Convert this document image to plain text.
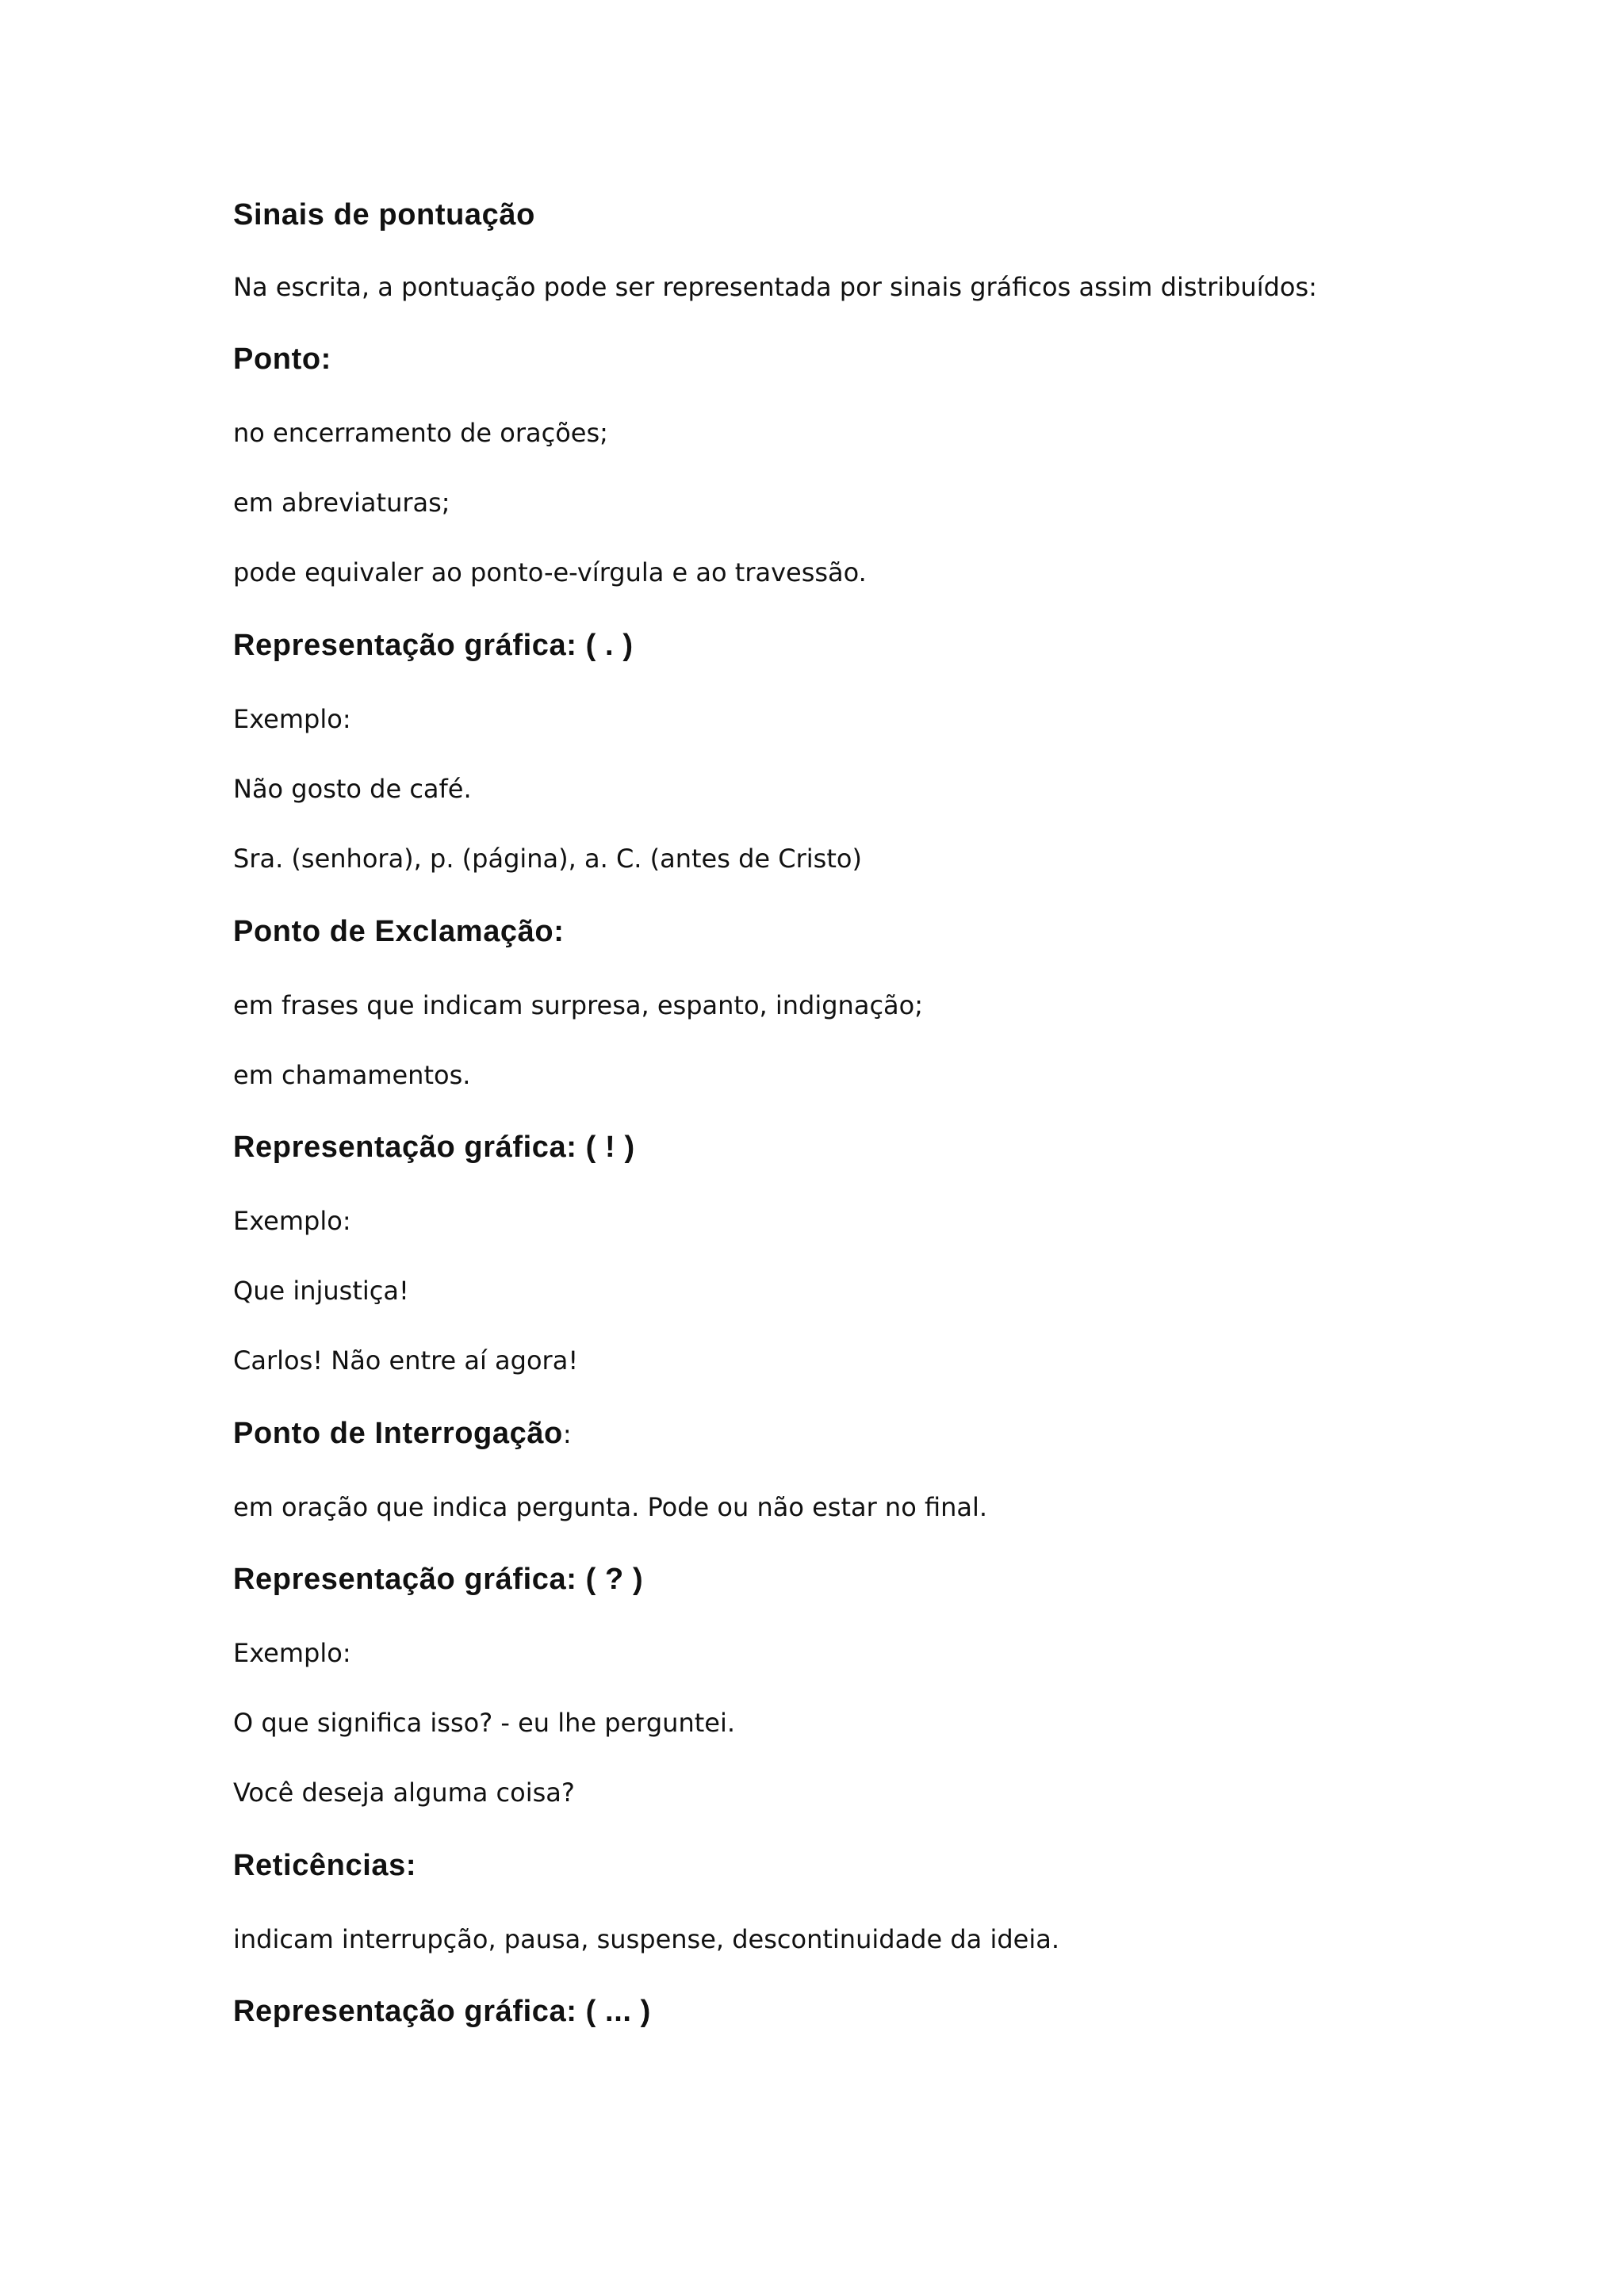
Sinais de pontuação
Na escrita, a pontuação pode ser representada por sinais gráficos assim distribuídos:
Ponto:
no encerramento de orações;
em abreviaturas;
pode equivaler ao ponto-e-vírgula e ao travessão.
Representação gráfica: ( . )
Exemplo:
Não gosto de café.
Sra. (senhora), p. (página), a. C. (antes de Cristo)
Ponto de Exclamação:
em frases que indicam surpresa, espanto, indignação;
em chamamentos.
Representação gráfica: ( ! )
Exemplo:
Que injustiça!
Carlos! Não entre aí agora!
Ponto de Interrogação:
em oração que indica pergunta. Pode ou não estar no final.
Representação gráfica: ( ? )
Exemplo:
O que significa isso? - eu lhe perguntei.
Você deseja alguma coisa?
Reticências:
indicam interrupção, pausa, suspense, descontinuidade da ideia.
Representação gráfica: ( ... )
